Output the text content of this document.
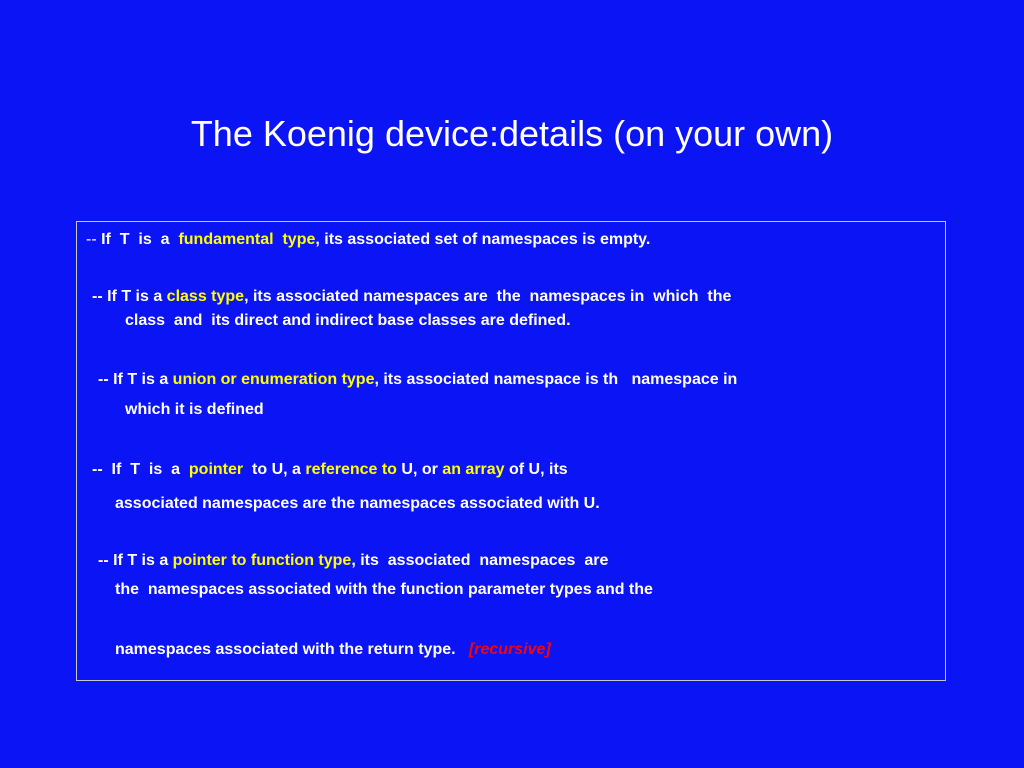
The Koenig device:details (on your own)
-- If  T  is  a  fundamental type, its associated set of namespaces is empty.
-- If T is a class type, its associated namespaces are  the  namespaces in  which  the
class  and  its direct and indirect base classes are defined.
-- If T is a union or enumeration type, its associated namespace is th   namespace in
which it is defined
--  If  T  is  a  pointer  to U, a reference to U, or an array of U, its
associated namespaces are the namespaces associated with U.
-- If T is a pointer to function type, its  associated  namespaces  are
the  namespaces associated with the function parameter types and the
namespaces associated with the return type. [recursive]
